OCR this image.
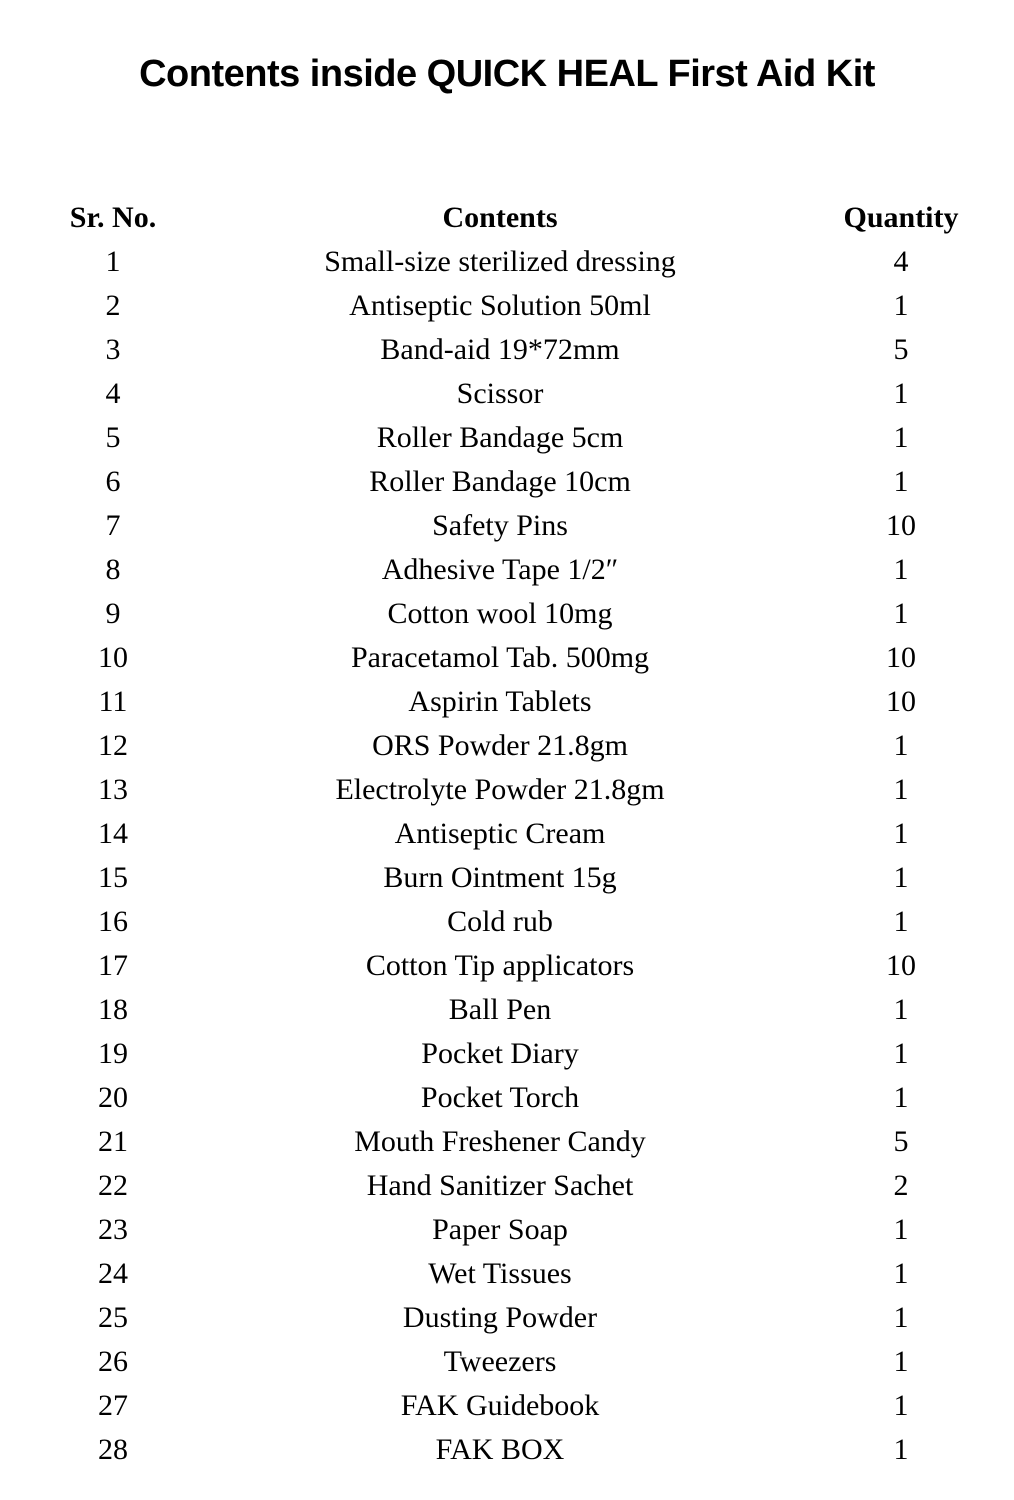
Contents inside QUICK HEAL First Aid Kit
Sr. No.	Contents	Quantity
1	Small-size sterilized dressing	4
2	Antiseptic Solution 50ml	1
3	Band-aid 19*72mm	5
4	Scissor	1
5	Roller Bandage 5cm	1
6	Roller Bandage 10cm	1
7	Safety Pins	10
8	Adhesive Tape 1/2″	1
9	Cotton wool 10mg	1
10	Paracetamol Tab. 500mg	10
11	Aspirin Tablets	10
12	ORS Powder 21.8gm	1
13	Electrolyte Powder 21.8gm	1
14	Antiseptic Cream	1
15	Burn Ointment 15g	1
16	Cold rub	1
17	Cotton Tip applicators	10
18	Ball Pen	1
19	Pocket Diary	1
20	Pocket Torch	1
21	Mouth Freshener Candy	5
22	Hand Sanitizer Sachet	2
23	Paper Soap	1
24	Wet Tissues	1
25	Dusting Powder	1
26	Tweezers	1
27	FAK Guidebook	1
28	FAK BOX	1
